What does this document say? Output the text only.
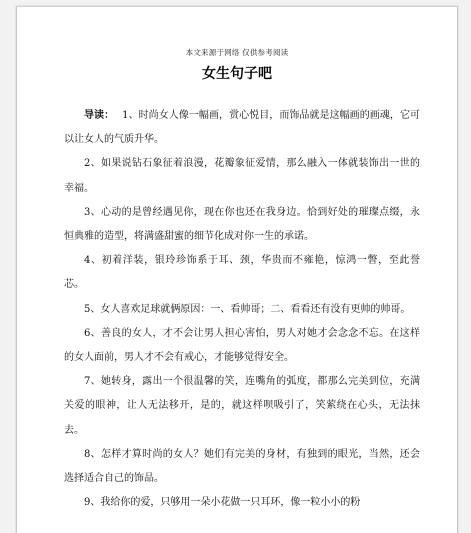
本文来源于网络 仅供参考阅读
女生句子吧

导读： 1、时尚女人像一幅画，赏心悦目，而饰品就是这幅画的画魂，它可以让女人的气质升华。

2、如果说钻石象征着浪漫，花瓣象征爱情，那么融入一体就装饰出一世的幸福。

3、心动的是曾经遇见你，现在你也还在我身边。恰到好处的璀璨点缀，永恒典雅的造型，将满盛甜蜜的细节化成对你一生的承诺。

4、初着洋装，银玲珍饰系于耳、颈，华贵而不雍艳，惊鸿一瞥，至此誉芯。

5、女人喜欢足球就俩原因：一、看帅哥；二、看看还有没有更帅的帅哥。

6、善良的女人，才不会让男人担心害怕，男人对她才会念念不忘。在这样的女人面前，男人才不会有戒心，才能够觉得安全。

7、她转身，露出一个很温馨的笑，连嘴角的弧度，都那么完美到位，充满关爱的眼神，让人无法移开，是的，就这样呗吸引了，笑萦绕在心头，无法抹去。

8、怎样才算时尚的女人？她们有完美的身材，有独到的眼光，当然，还会选择适合自己的饰品。

9、我给你的爱，只够用一朵小花做一只耳环，像一粒小小的粉
